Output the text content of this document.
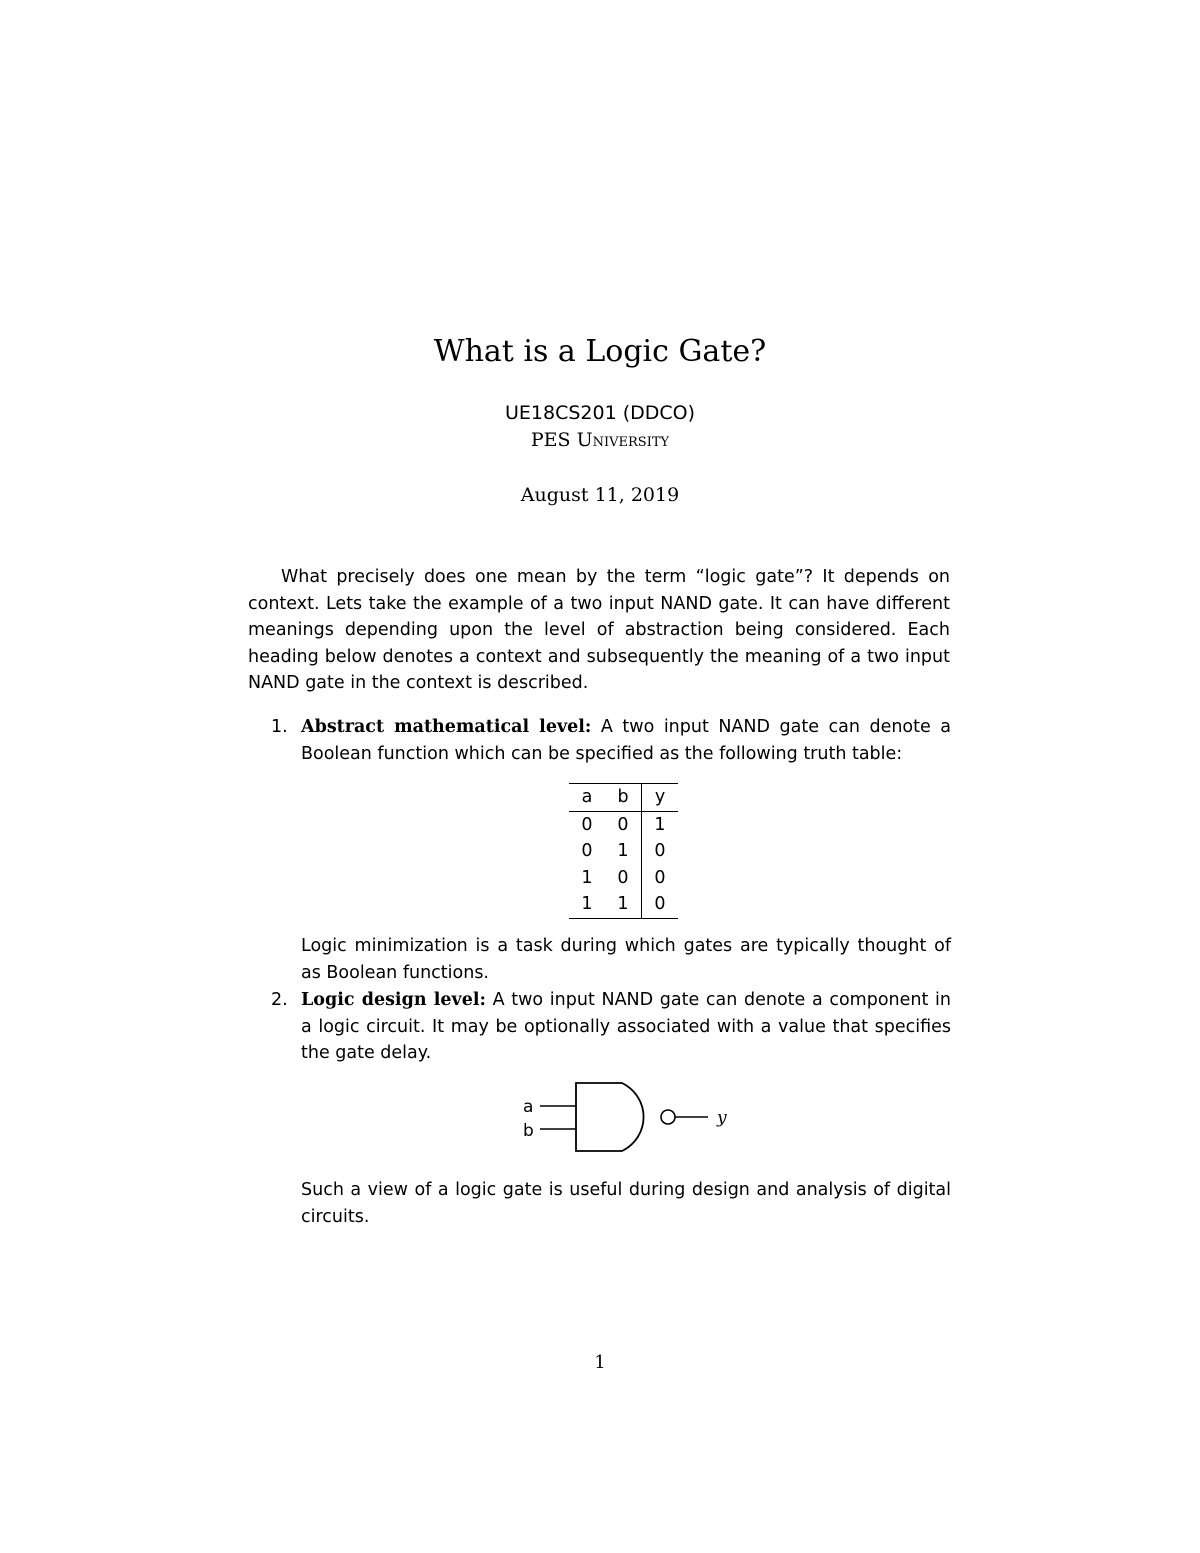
What is a Logic Gate?
UE18CS201 (DDCO)
PES University
August 11, 2019
What precisely does one mean by the term “logic gate”? It depends on context. Lets take the example of a two input NAND gate. It can have different meanings depending upon the level of abstraction being considered. Each heading below denotes a context and subsequently the meaning of a two input NAND gate in the context is described.
1. Abstract mathematical level: A two input NAND gate can denote a Boolean function which can be specified as the following truth table:
a	b	y
0	0	1
0	1	0
1	0	0
1	1	0
Logic minimization is a task during which gates are typically thought of as Boolean functions.
2. Logic design level: A two input NAND gate can denote a component in a logic circuit. It may be optionally associated with a value that specifies the gate delay.
a
b
y
Such a view of a logic gate is useful during design and analysis of digital circuits.
1
